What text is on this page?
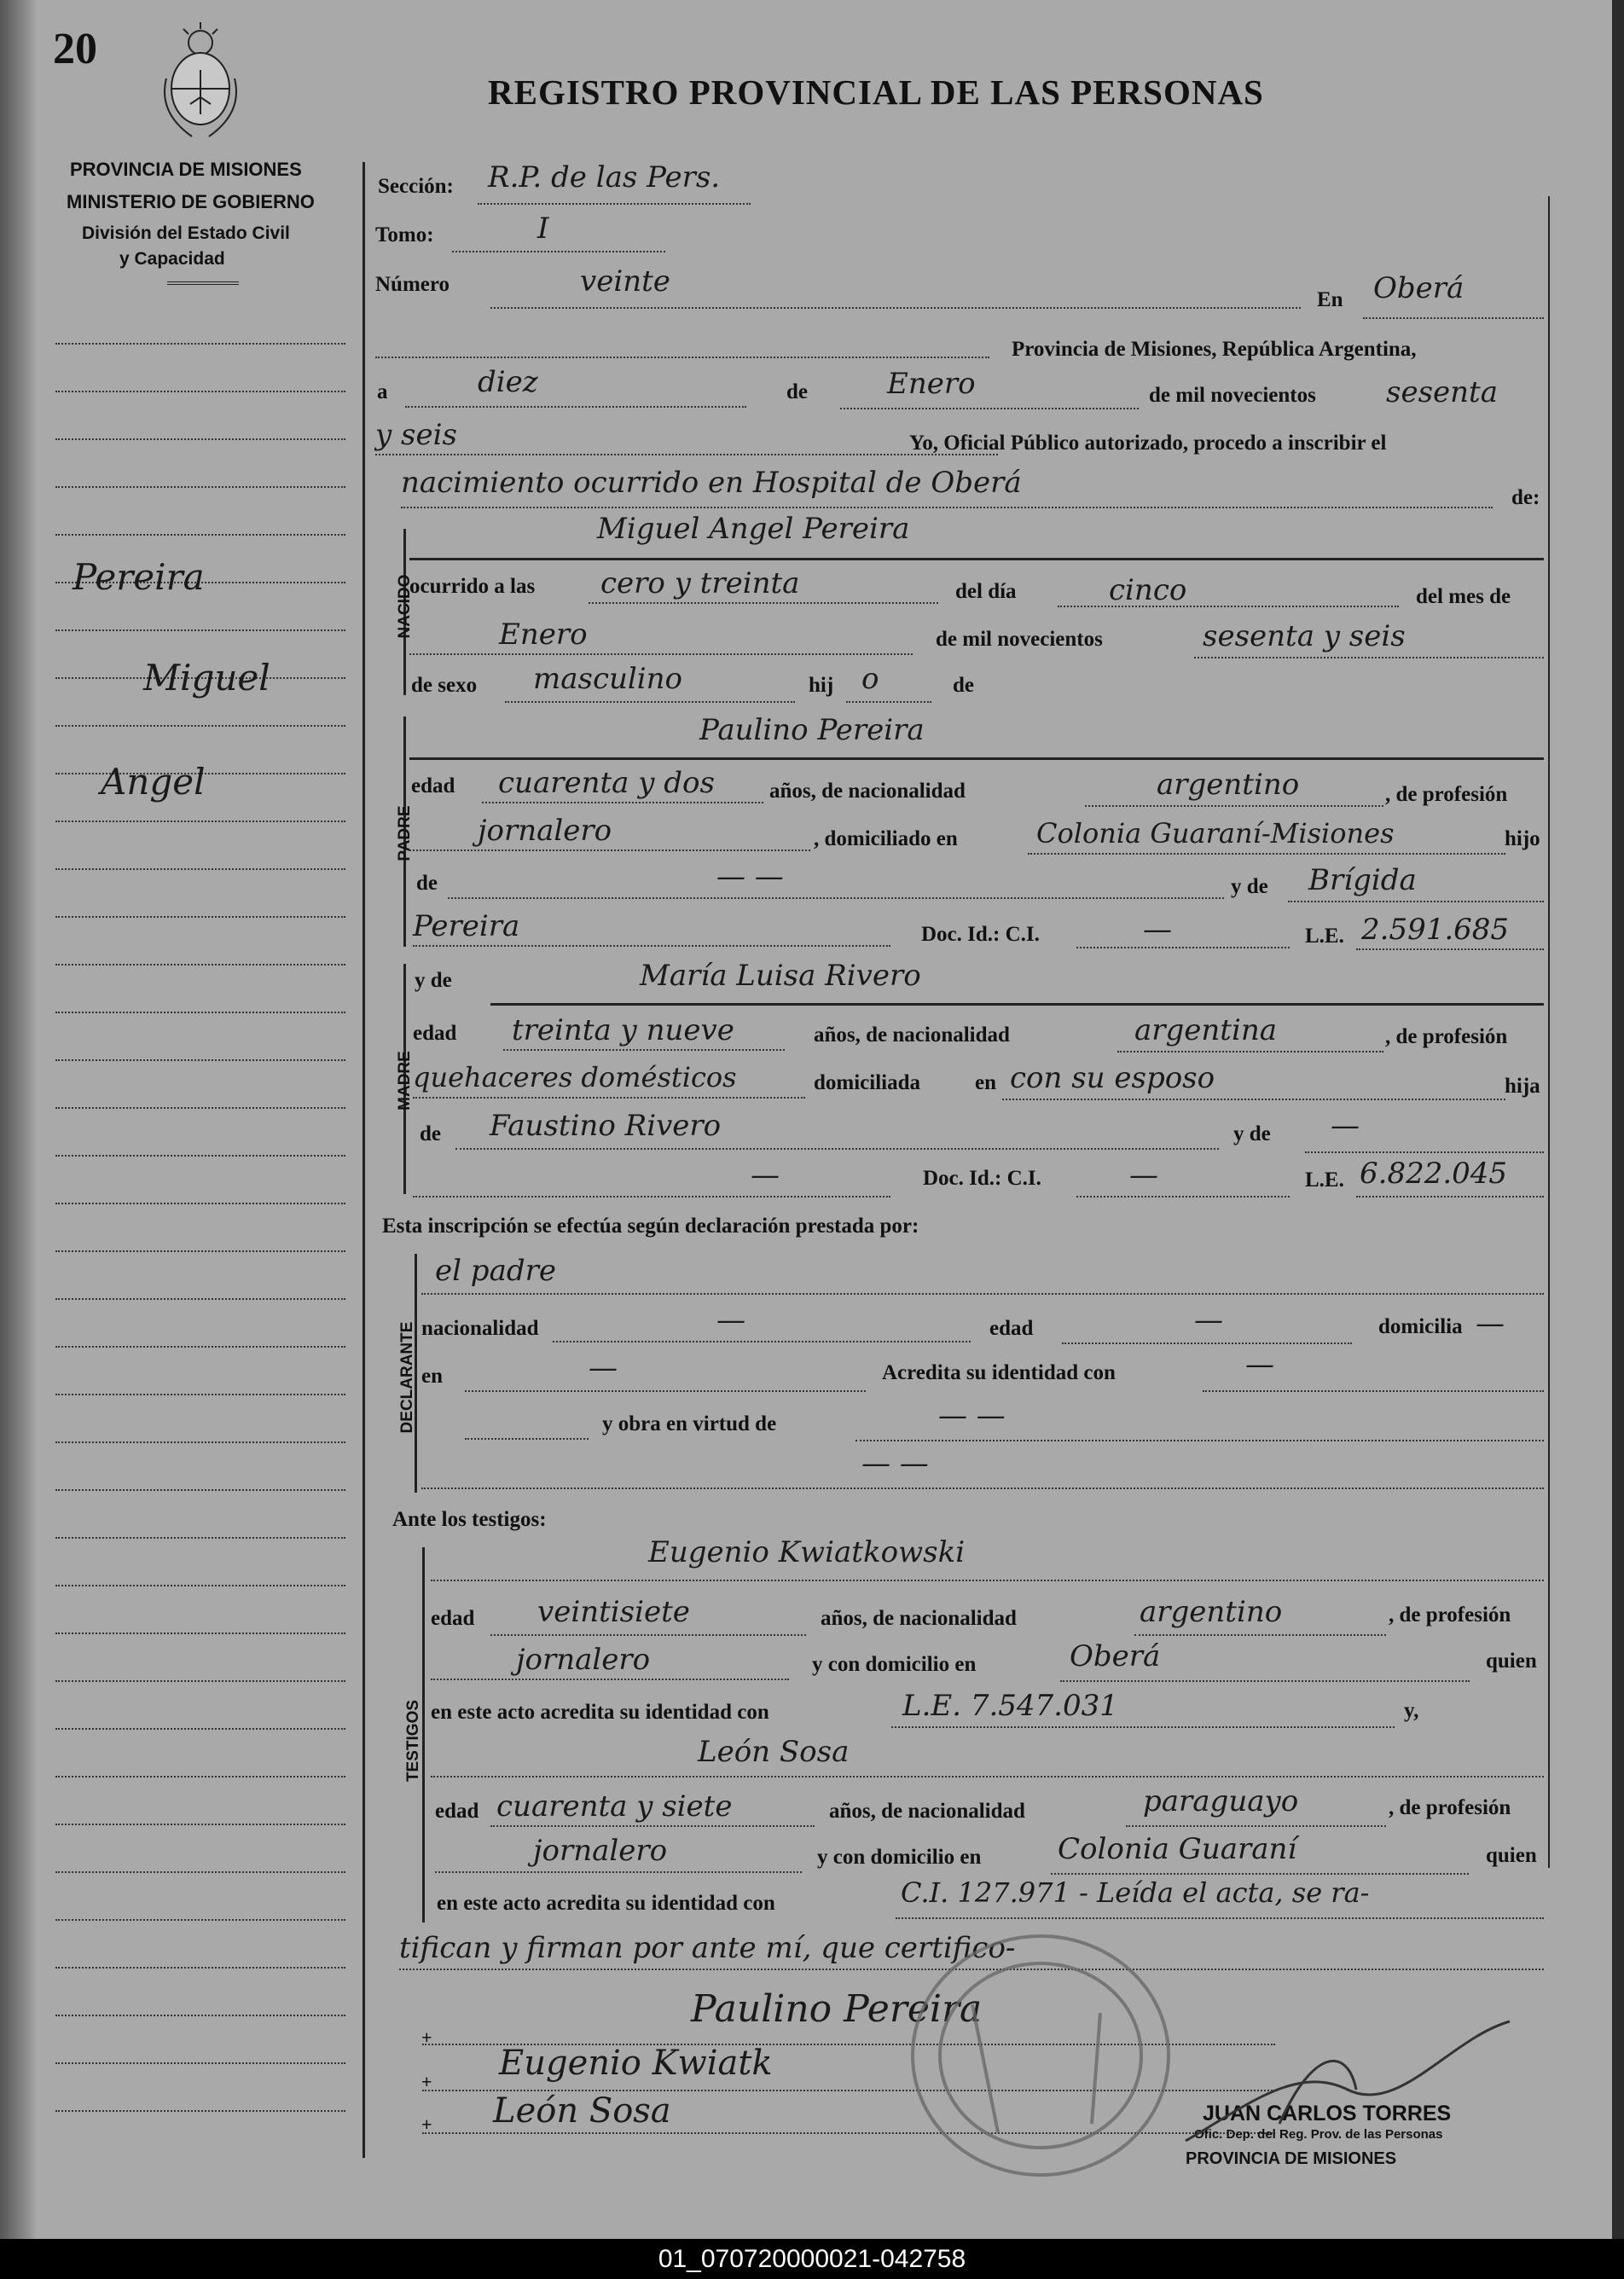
20
REGISTRO PROVINCIAL DE LAS PERSONAS
PROVINCIA DE MISIONES
MINISTERIO DE GOBIERNO
División del Estado Civil
y Capacidad
Pereira
Miguel
Angel
Sección: R.P. de las Pers.
Tomo:	I
Número	veinte
En Oberá
Provincia de Misiones, República Argentina,
a	diez	de	Enero	de mil novecientos sesenta
y seis	Yo, Oficial Público autorizado, procedo a inscribir el
nacimiento ocurrido en Hospital de Oberá	de:
NACIDO
Miguel Angel Pereira
ocurrido a las cero y treinta	del día	cinco	del mes de
Enero	de mil novecientos	sesenta y seis
de sexo masculino	hij o	de
PADRE
Paulino Pereira
edad cuarenta y dos	años, de nacionalidad	argentino	, de profesión
jornalero	, domiciliado en	Colonia Guaraní-Misiones	hijo
de	— —	y de Brígida
Pereira	Doc. Id.: C.I.	—	L.E. 2.591.685
MADRE
y de	María Luisa Rivero
edad treinta y nueve	años, de nacionalidad	argentina	, de profesión
quehaceres domésticos	domiciliada	en con su esposo	hija
de Faustino Rivero	y de —
—	Doc. Id.: C.I.	—	L.E. 6.822.045
Esta inscripción se efectúa según declaración prestada por:
DECLARANTE
el padre
nacionalidad	—	edad	—	domicilia —
en	—	Acredita su identidad con	—
y obra en virtud de	— —
— —
Ante los testigos:
TESTIGOS
Eugenio Kwiatkowski
edad veintisiete	años, de nacionalidad	argentino	, de profesión
jornalero	y con domicilio en	Oberá	quien
en este acto acredita su identidad con	L.E. 7.547.031	y,
León Sosa
edad cuarenta y siete	años, de nacionalidad	paraguayo	, de profesión
jornalero	y con domicilio en	Colonia Guaraní	quien
en este acto acredita su identidad con	C.I. 127.971 - Leída el acta, se ra-
tifican y firman por ante mí, que certifico-
+
+
+
Paulino Pereira
Eugenio Kwiatk
León Sosa	JUAN CARLOS TORRES
Ofic. Dep. del Reg. Prov. de las Personas
PROVINCIA DE MISIONES
01_070720000021-042758
